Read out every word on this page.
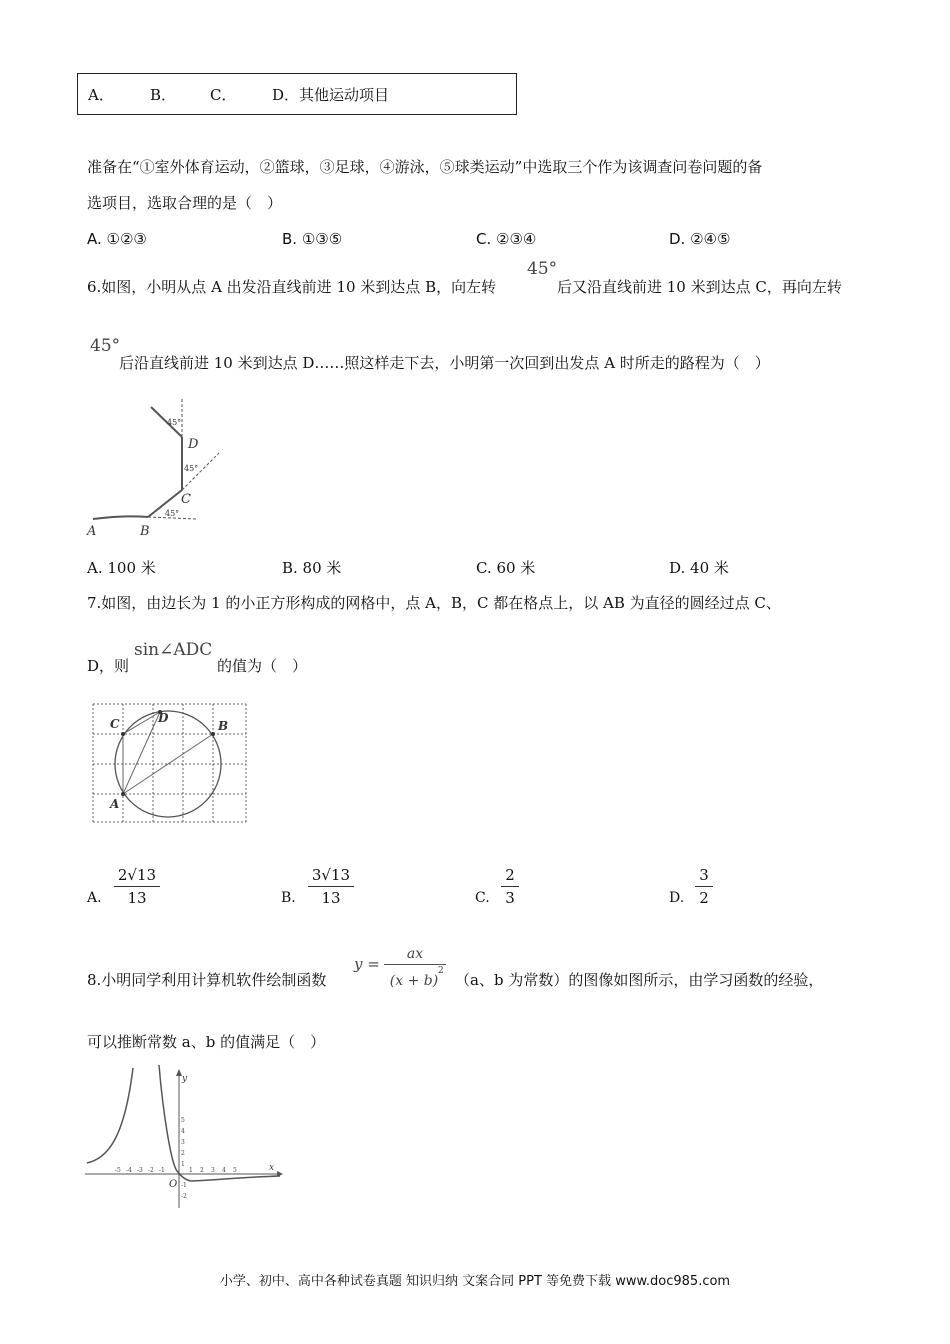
A． B． C． D．其他运动项目
准备在“①室外体育运动，②篮球，③足球，④游泳，⑤球类运动”中选取三个作为该调查问卷问题的备
选项目，选取合理的是（　）
A. ①②③	B. ①③⑤	C. ②③④	D. ②④⑤
6.如图，小明从点 A 出发沿直线前进 10 米到达点 B，向左转
45°
后又沿直线前进 10 米到达点 C，再向左转
45°
后沿直线前进 10 米到达点 D……照这样走下去，小明第一次回到出发点 A 时所走的路程为（　）
A	B
C
D
45°
45°
45°
A. 100 米	B. 80 米	C. 60 米	D. 40 米
7.如图，由边长为 1 的小正方形构成的网格中，点 A，B，C 都在格点上，以 AB 为直径的圆经过点 C、
D，则
sin∠ADC
的值为（　）
A
B
C	D
A. $\frac{2√13}{13}$	B. $\frac{3√13}{13}$	C. $\frac{2}{3}$	D. $\frac{3}{2}$
8.小明同学利用计算机软件绘制函数
y =
ax
(x + b)
2 （a、b 为常数）的图像如图所示，由学习函数的经验，
可以推断常数 a、b 的值满足（　）
x
y
O
-5 -4 -3 -2 -1	1 2 3 4 5
5
4
3
2
1
-1
-2
小学、初中、高中各种试卷真题 知识归纳 文案合同 PPT 等免费下载 www.doc985.com
